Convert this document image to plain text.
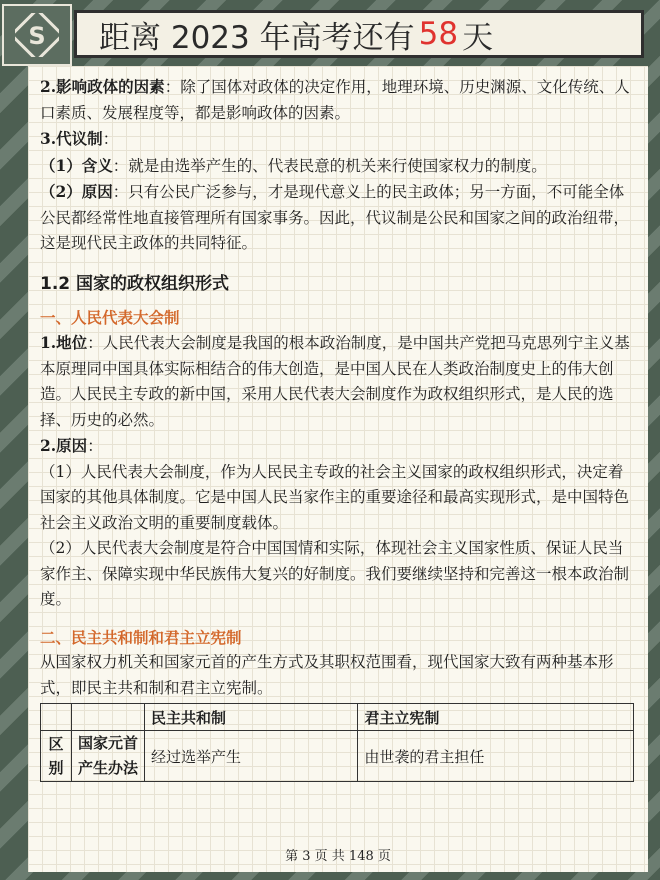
S 距离 2023 年高考还有 58 天

2.影响政体的因素：除了国体对政体的决定作用，地理环境、历史渊源、文化传统、人口素质、发展程度等，都是影响政体的因素。

3.代议制：

（1）含义：就是由选举产生的、代表民意的机关来行使国家权力的制度。

（2）原因：只有公民广泛参与，才是现代意义上的民主政体；另一方面，不可能全体公民都经常性地直接管理所有国家事务。因此，代议制是公民和国家之间的政治纽带，这是现代民主政体的共同特征。

1.2 国家的政权组织形式
一、人民代表大会制

1.地位：人民代表大会制度是我国的根本政治制度，是中国共产党把马克思列宁主义基本原理同中国具体实际相结合的伟大创造，是中国人民在人类政治制度史上的伟大创造。人民民主专政的新中国，采用人民代表大会制度作为政权组织形式，是人民的选择、历史的必然。

2.原因：

（1）人民代表大会制度，作为人民民主专政的社会主义国家的政权组织形式，决定着国家的其他具体制度。它是中国人民当家作主的重要途径和最高实现形式，是中国特色社会主义政治文明的重要制度载体。

（2）人民代表大会制度是符合中国国情和实际，体现社会主义国家性质、保证人民当家作主、保障实现中华民族伟大复兴的好制度。我们要继续坚持和完善这一根本政治制度。

二、民主共和制和君主立宪制

从国家权力机关和国家元首的产生方式及其职权范围看，现代国家大致有两种基本形式，即民主共和制和君主立宪制。

		民主共和制	君主立宪制
区别	国家元首产生办法	经过选举产生	由世袭的君主担任
第 3 页 共 148 页
